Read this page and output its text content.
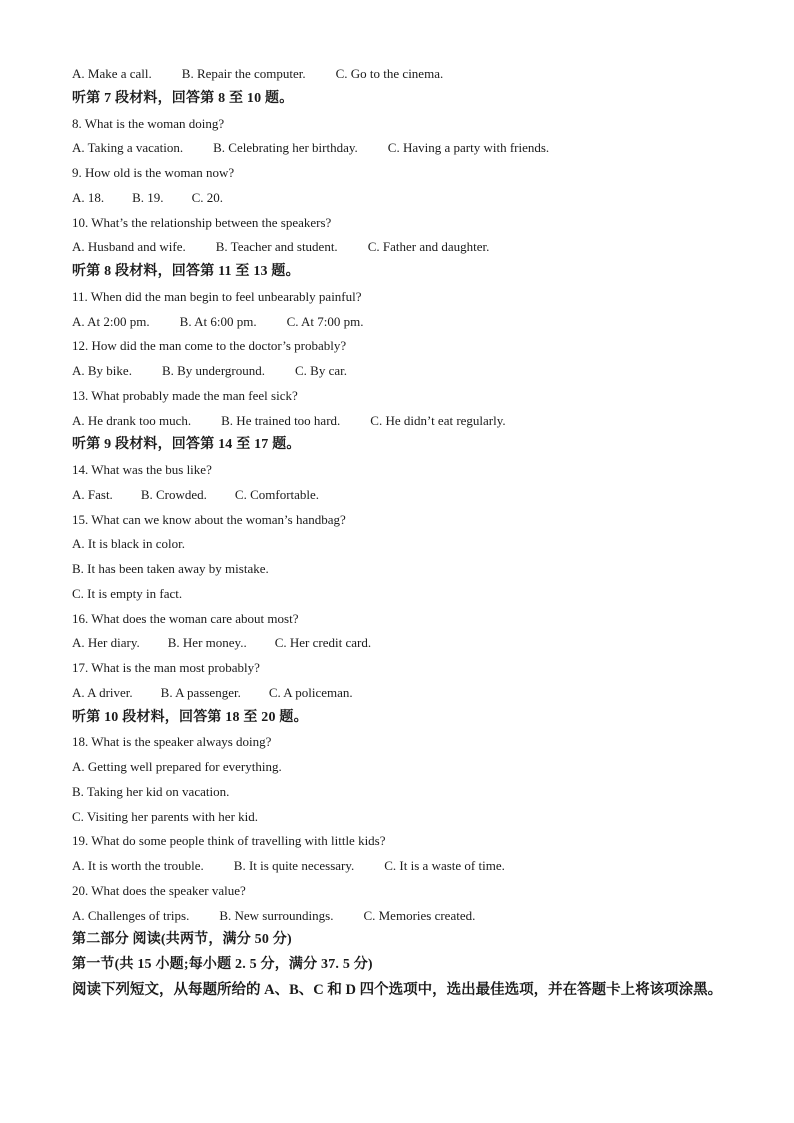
A. Make a call. B. Repair the computer. C. Go to the cinema.
听第 7 段材料，回答第 8 至 10 题。
8. What is the woman doing?
A. Taking a vacation. B. Celebrating her birthday. C. Having a party with friends.
9. How old is the woman now?
A. 18. B. 19. C. 20.
10. What’s the relationship between the speakers?
A. Husband and wife. B. Teacher and student. C. Father and daughter.
听第 8 段材料，回答第 11 至 13 题。
11. When did the man begin to feel unbearably painful?
A. At 2:00 pm. B. At 6:00 pm. C. At 7:00 pm.
12. How did the man come to the doctor’s probably?
A. By bike. B. By underground. C. By car.
13. What probably made the man feel sick?
A. He drank too much. B. He trained too hard. C. He didn’t eat regularly.
听第 9 段材料，回答第 14 至 17 题。
14. What was the bus like?
A. Fast. B. Crowded. C. Comfortable.
15. What can we know about the woman’s handbag?
A. It is black in color.
B. It has been taken away by mistake.
C. It is empty in fact.
16. What does the woman care about most?
A. Her diary. B. Her money.. C. Her credit card.
17. What is the man most probably?
A. A driver. B. A passenger. C. A policeman.
听第 10 段材料，回答第 18 至 20 题。
18. What is the speaker always doing?
A. Getting well prepared for everything.
B. Taking her kid on vacation.
C. Visiting her parents with her kid.
19. What do some people think of travelling with little kids?
A. It is worth the trouble. B. It is quite necessary. C. It is a waste of time.
20. What does the speaker value?
A. Challenges of trips. B. New surroundings. C. Memories created.
第二部分 阅读(共两节，满分 50 分)
第一节(共 15 小题;每小题 2. 5 分，满分 37. 5 分)
阅读下列短文，从每题所给的 A、B、C 和 D 四个选项中，选出最佳选项，并在答题卡上将该项涂黑。
